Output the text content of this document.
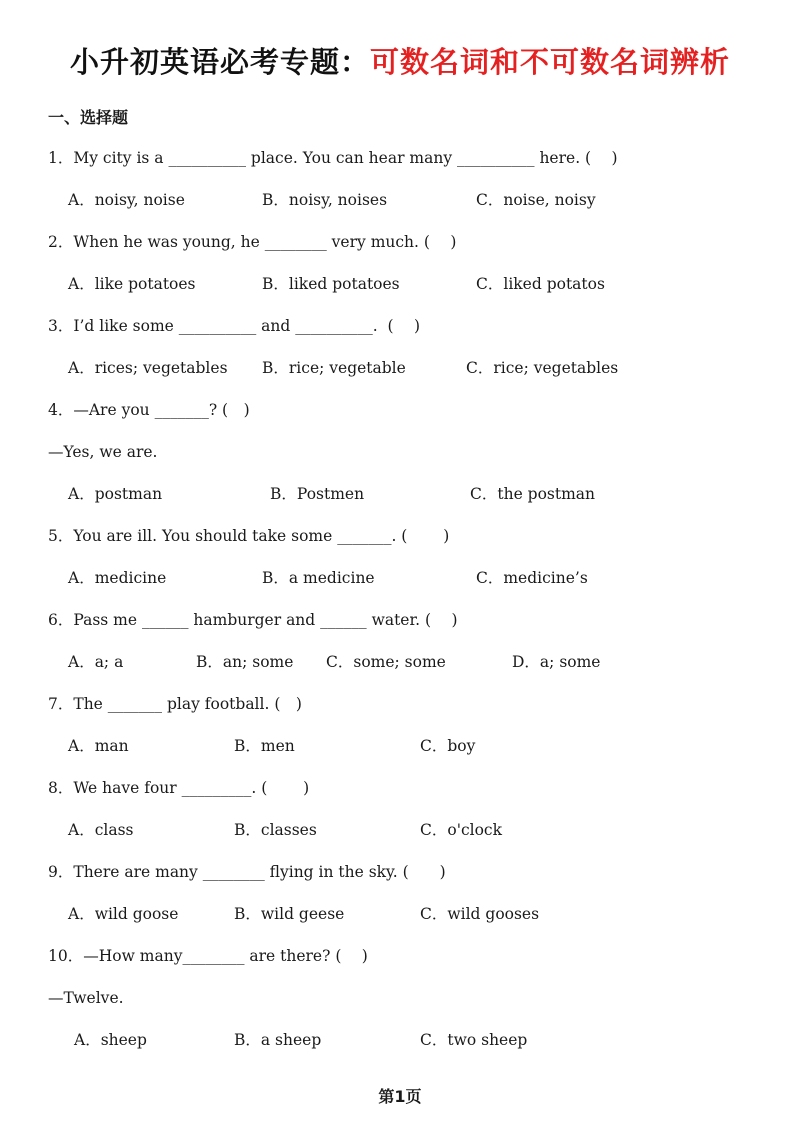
小升初英语必考专题：可数名词和不可数名词辨析
一、选择题
1．My city is a __________ place. You can hear many __________ here. (　 )
A．noisy, noise	B．noisy, noises	C．noise, noisy
2．When he was young, he ________ very much. (　 )
A．like potatoes	B．liked potatoes	C．liked potatos
3．I’d like some __________ and __________.  (　 )
A．rices; vegetables B．rice; vegetable	C．rice; vegetables
4．—Are you _______? (　)
—Yes, we are.
A．postman	B．Postmen	C．the postman
5．You are ill. You should take some _______. (　　 )
A．medicine	B．a medicine	C．medicine’s
6．Pass me ______ hamburger and ______ water. (　 )
A．a; a	B．an; some C．some; some	D．a; some
7．The _______ play football. (　)
A．man	B．men	C．boy
8．We have four _________. (　　 )
A．class	B．classes	C．o'clock
9．There are many ________ flying in the sky. (　　)
A．wild goose	B．wild geese	C．wild gooses
10．—How many________ are there? (　 )
—Twelve.
A．sheep	B．a sheep	C．two sheep
第1页
